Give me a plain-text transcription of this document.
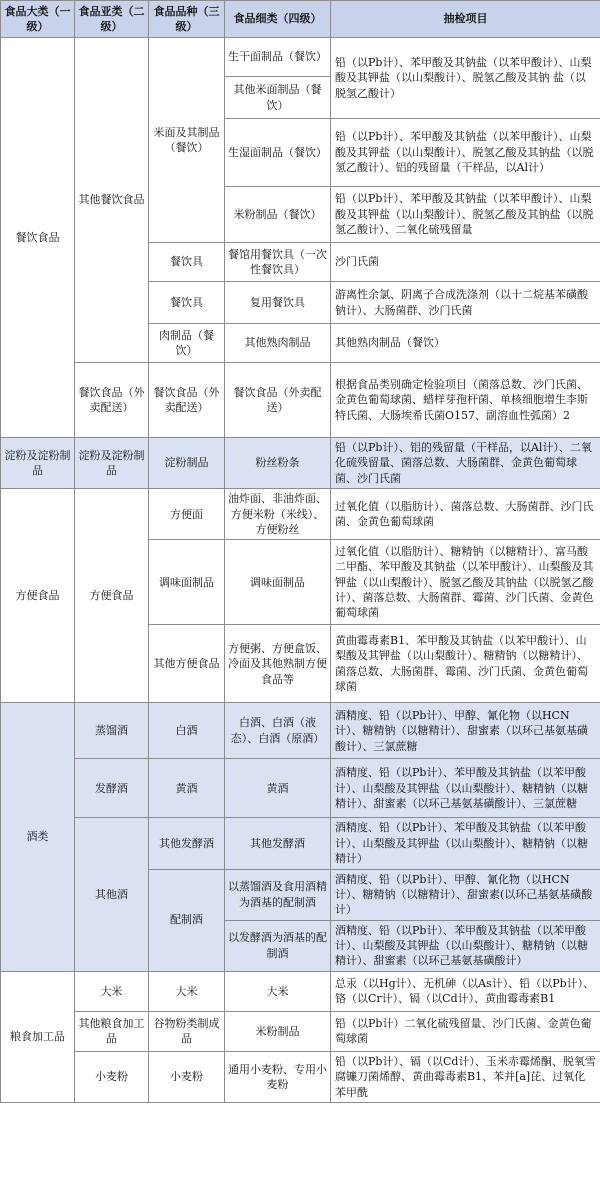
食品大类（一级）	食品亚类（二级）	食品品种（三级）	食品细类（四级）	抽检项目
餐饮食品	其他餐饮食品	米面及其制品（餐饮）	生干面制品（餐饮）	铅（以Pb计）、苯甲酸及其钠盐（以苯甲酸计）、山梨酸及其钾盐（以山梨酸计）、脱氢乙酸及其钠 盐（以脱氢乙酸计）
			其他米面制品（餐饮）	
			生湿面制品（餐饮）	铅（以Pb计）、苯甲酸及其钠盐（以苯甲酸计）、山梨酸及其钾盐（以山梨酸计）、脱氢乙酸及其钠盐（以脱氢乙酸计）、铝的残留量（干样品，以Al计）
			米粉制品（餐饮）	铅（以Pb计）、苯甲酸及其钠盐（以苯甲酸计）、山梨酸及其钾盐（以山梨酸计）、脱氢乙酸及其钠盐（以脱氢乙酸计）、二氧化硫残留量
		餐饮具	餐馆用餐饮具（一次性餐饮具）	沙门氏菌
		餐饮具	复用餐饮具	游离性余氯、阴离子合成洗涤剂（以十二烷基苯磺酸钠计）、大肠菌群、沙门氏菌
		肉制品（餐饮）	其他熟肉制品	其他熟肉制品（餐饮）
	餐饮食品（外卖配送）	餐饮食品（外卖配送）	餐饮食品（外卖配送）	根据食品类别确定检验项目（菌落总数、沙门氏菌、金黄色葡萄球菌、蜡样芽孢杆菌、单核细胞增生李斯特氏菌、大肠埃希氏菌O157、副溶血性弧菌）2
淀粉及淀粉制品	淀粉及淀粉制品	淀粉制品	粉丝粉条	铅（以Pb计）、铝的残留量（干样品，以Al计）、二氧化硫残留量、菌落总数、大肠菌群、金黄色葡萄球菌、沙门氏菌
方便食品	方便食品	方便面	油炸面、非油炸面、方便米粉（米线）、方便粉丝	过氧化值（以脂肪计）、菌落总数、大肠菌群、沙门氏菌、金黄色葡萄球菌
		调味面制品	调味面制品	过氧化值（以脂肪计）、糖精钠（以糖精计）、富马酸二甲酯、苯甲酸及其钠盐（以苯甲酸计）、山梨酸及其钾盐（以山梨酸计）、脱氢乙酸及其钠盐（以脱氢乙酸计）、菌落总数、大肠菌群、霉菌、沙门氏菌、金黄色葡萄球菌
		其他方便食品	方便粥、方便盒饭、冷面及其他熟制方便食品等	黄曲霉毒素B1、苯甲酸及其钠盐（以苯甲酸计）、山梨酸及其钾盐（以山梨酸计）、糖精钠（以糖精计）、菌落总数、大肠菌群、霉菌、沙门氏菌、金黄色葡萄球菌
酒类	蒸馏酒	白酒	白酒、白酒（液态）、白酒（原酒）	酒精度、铅（以Pb计）、甲醇、氰化物（以HCN计）、糖精钠（以糖精计）、甜蜜素（以环己基氨基磺酸计）、三氯蔗糖
	发酵酒	黄酒	黄酒	酒精度、铅（以Pb计）、苯甲酸及其钠盐（以苯甲酸计）、山梨酸及其钾盐（以山梨酸计）、糖精钠（以糖精计）、甜蜜素（以环己基氨基磺酸计）、三氯蔗糖
	其他酒	其他发酵酒	其他发酵酒	酒精度、铅（以Pb计）、苯甲酸及其钠盐（以苯甲酸计）、山梨酸及其钾盐（以山梨酸计）、糖精钠（以糖精计）
		配制酒	以蒸馏酒及食用酒精为酒基的配制酒	酒精度、铅（以Pb计）、甲醇、氰化物（以HCN计）、糖精钠（以糖精计）、甜蜜素(以环己基氨基磺酸计）
			以发酵酒为酒基的配制酒	酒精度、铅（以Pb计）、苯甲酸及其钠盐（以苯甲酸计）、山梨酸及其钾盐（以山梨酸计）、糖精钠（以糖精计）、甜蜜素（以环己基氨基磺酸计）
粮食加工品	大米	大米	大米	总汞（以Hg计）、无机砷（以As计）、铅（以Pb计）、铬（以Cr计）、镉（以Cd计）、黄曲霉毒素B1
	其他粮食加工品	谷物粉类制成品	米粉制品	铅（以Pb计）二氧化硫残留量、沙门氏菌、金黄色葡萄球菌
	小麦粉	小麦粉	通用小麦粉、专用小麦粉	铅（以Pb计）、镉（以Cd计）、玉米赤霉烯酮、脱氧雪腐镰刀菌烯醇、黄曲霉毒素B1、苯并[a]芘、过氧化苯甲酰
